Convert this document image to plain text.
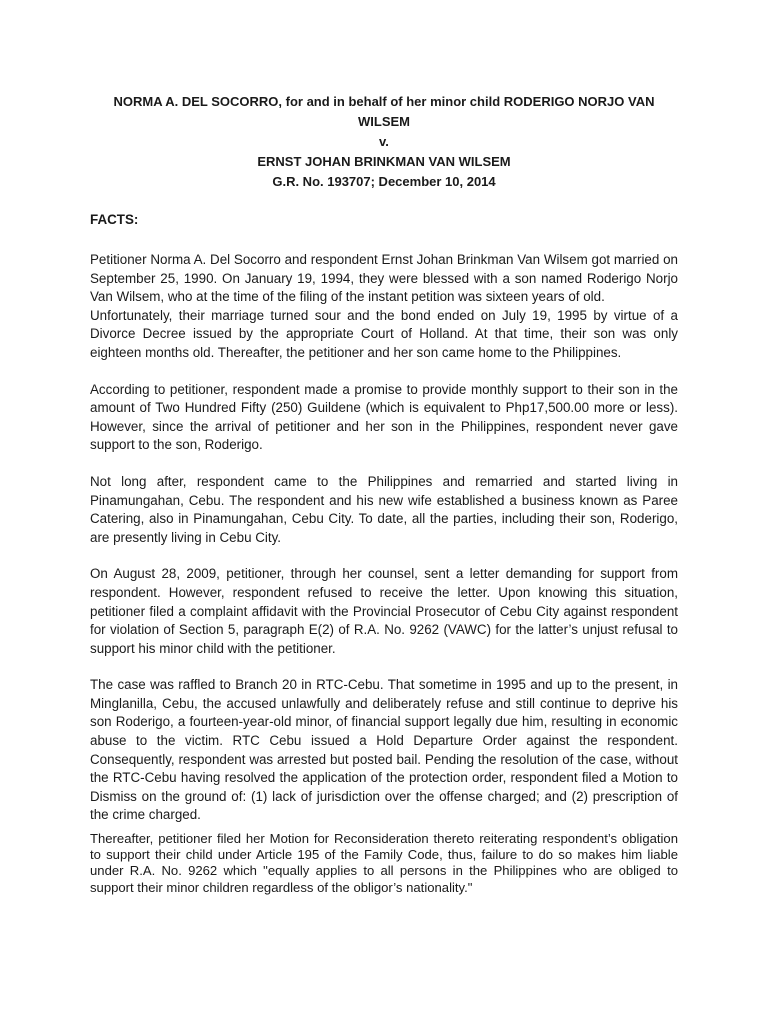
NORMA A. DEL SOCORRO, for and in behalf of her minor child RODERIGO NORJO VAN WILSEM

v.

ERNST JOHAN BRINKMAN VAN WILSEM

G.R. No. 193707; December 10, 2014

FACTS:

Petitioner Norma A. Del Socorro and respondent Ernst Johan Brinkman Van Wilsem got married on September 25, 1990. On January 19, 1994, they were blessed with a son named Roderigo Norjo Van Wilsem, who at the time of the filing of the instant petition was sixteen years of old.

Unfortunately, their marriage turned sour and the bond ended on July 19, 1995 by virtue of a Divorce Decree issued by the appropriate Court of Holland. At that time, their son was only eighteen months old. Thereafter, the petitioner and her son came home to the Philippines.

According to petitioner, respondent made a promise to provide monthly support to their son in the amount of Two Hundred Fifty (250) Guildene (which is equivalent to Php17,500.00 more or less). However, since the arrival of petitioner and her son in the Philippines, respondent never gave support to the son, Roderigo.

Not long after, respondent came to the Philippines and remarried and started living in Pinamungahan, Cebu. The respondent and his new wife established a business known as Paree Catering, also in Pinamungahan, Cebu City. To date, all the parties, including their son, Roderigo, are presently living in Cebu City.

On August 28, 2009, petitioner, through her counsel, sent a letter demanding for support from respondent. However, respondent refused to receive the letter. Upon knowing this situation, petitioner filed a complaint affidavit with the Provincial Prosecutor of Cebu City against respondent for violation of Section 5, paragraph E(2) of R.A. No. 9262 (VAWC) for the latter’s unjust refusal to support his minor child with the petitioner.

The case was raffled to Branch 20 in RTC-Cebu. That sometime in 1995 and up to the present, in Minglanilla, Cebu, the accused unlawfully and deliberately refuse and still continue to deprive his son Roderigo, a fourteen-year-old minor, of financial support legally due him, resulting in economic abuse to the victim. RTC Cebu issued a Hold Departure Order against the respondent. Consequently, respondent was arrested but posted bail. Pending the resolution of the case, without the RTC-Cebu having resolved the application of the protection order, respondent filed a Motion to Dismiss on the ground of: (1) lack of jurisdiction over the offense charged; and (2) prescription of the crime charged.

Thereafter, petitioner filed her Motion for Reconsideration thereto reiterating respondent’s obligation to support their child under Article 195 of the Family Code, thus, failure to do so makes him liable under R.A. No. 9262 which "equally applies to all persons in the Philippines who are obliged to support their minor children regardless of the obligor’s nationality."
